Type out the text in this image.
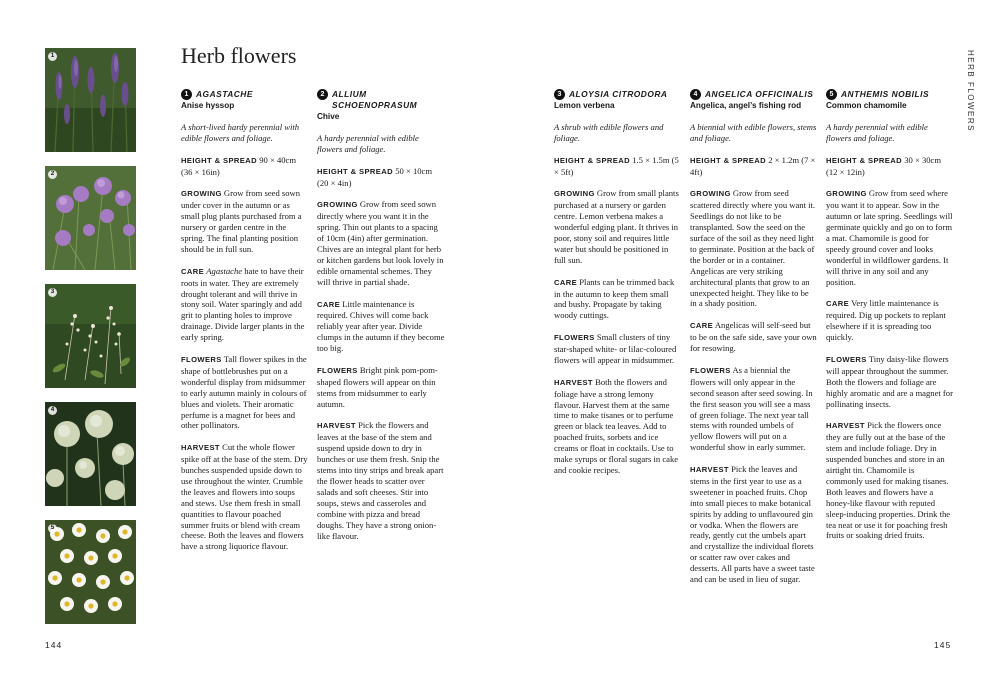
1
2
3
4
5
Herb flowers	HERB FLOWERS
144	145
1 AGASTACHE

Anise hyssop

A short-lived hardy perennial with edible flowers and foliage.

HEIGHT & SPREAD 90 × 40cm (36 × 16in)

GROWING Grow from seed sown under cover in the autumn or as small plug plants purchased from a nursery or garden centre in the spring. The final planting position should be in full sun.

CARE Agastache hate to have their roots in water. They are extremely drought tolerant and will thrive in stony soil. Water sparingly and add grit to planting holes to improve drainage. Divide larger plants in the early spring.

FLOWERS Tall flower spikes in the shape of bottlebrushes put on a wonderful display from midsummer to early autumn mainly in colours of blues and violets. Their aromatic perfume is a magnet for bees and other pollinators.

HARVEST Cut the whole flower spike off at the base of the stem. Dry bunches suspended upside down to use throughout the winter. Crumble the leaves and flowers into soups and stews. Use them fresh in small quantities to flavour poached summer fruits or blend with cream cheese. Both the leaves and flowers have a strong liquorice flavour.

2 ALLIUM SCHOENOPRASUM

Chive

A hardy perennial with edible flowers and foliage.

HEIGHT & SPREAD 50 × 10cm (20 × 4in)

GROWING Grow from seed sown directly where you want it in the spring. Thin out plants to a spacing of 10cm (4in) after germination. Chives are an integral plant for herb or kitchen gardens but look lovely in edible ornamental schemes. They will thrive in partial shade.

CARE Little maintenance is required. Chives will come back reliably year after year. Divide clumps in the autumn if they become too big.

FLOWERS Bright pink pom-pom-shaped flowers will appear on thin stems from midsummer to early autumn.

HARVEST Pick the flowers and leaves at the base of the stem and suspend upside down to dry in bunches or use them fresh. Snip the stems into tiny strips and break apart the flower heads to scatter over salads and soft cheeses. Stir into soups, stews and casseroles and combine with pizza and bread doughs. They have a strong onion-like flavour.

3 ALOYSIA CITRODORA

Lemon verbena

A shrub with edible flowers and foliage.

HEIGHT & SPREAD 1.5 × 1.5m (5 × 5ft)

GROWING Grow from small plants purchased at a nursery or garden centre. Lemon verbena makes a wonderful edging plant. It thrives in poor, stony soil and requires little water but should be positioned in full sun.

CARE Plants can be trimmed back in the autumn to keep them small and bushy. Propagate by taking woody cuttings.

FLOWERS Small clusters of tiny star-shaped white- or lilac-coloured flowers will appear in midsummer.

HARVEST Both the flowers and foliage have a strong lemony flavour. Harvest them at the same time to make tisanes or to perfume green or black tea leaves. Add to poached fruits, sorbets and ice creams or float in cocktails. Use to make syrups or floral sugars in cake and cookie recipes.

4 ANGELICA OFFICINALIS

Angelica, angel’s fishing rod

A biennial with edible flowers, stems and foliage.

HEIGHT & SPREAD 2 × 1.2m (7 × 4ft)

GROWING Grow from seed scattered directly where you want it. Seedlings do not like to be transplanted. Sow the seed on the surface of the soil as they need light to germinate. Position at the back of the border or in a container. Angelicas are very striking architectural plants that grow to an unexpected height. They like to be in a shady position.

CARE Angelicas will self-seed but to be on the safe side, save your own for resowing.

FLOWERS As a biennial the flowers will only appear in the second season after seed sowing. In the first season you will see a mass of green foliage. The next year tall stems with rounded umbels of yellow flowers will put on a wonderful show in early summer.

HARVEST Pick the leaves and stems in the first year to use as a sweetener in poached fruits. Chop into small pieces to make botanical spirits by adding to unflavoured gin or vodka. When the flowers are ready, gently cut the umbels apart and crystallize the individual florets or scatter raw over cakes and desserts. All parts have a sweet taste and can be used in lieu of sugar.

5 ANTHEMIS NOBILIS

Common chamomile

A hardy perennial with edible flowers and foliage.

HEIGHT & SPREAD 30 × 30cm (12 × 12in)

GROWING Grow from seed where you want it to appear. Sow in the autumn or late spring. Seedlings will germinate quickly and go on to form a mat. Chamomile is good for speedy ground cover and looks wonderful in wildflower gardens. It will thrive in any soil and any position.

CARE Very little maintenance is required. Dig up pockets to replant elsewhere if it is spreading too quickly.

FLOWERS Tiny daisy-like flowers will appear throughout the summer. Both the flowers and foliage are highly aromatic and are a magnet for pollinating insects.

HARVEST Pick the flowers once they are fully out at the base of the stem and include foliage. Dry in suspended bunches and store in an airtight tin. Chamomile is commonly used for making tisanes. Both leaves and flowers have a honey-like flavour with reputed sleep-inducing properties. Drink the tea neat or use it for poaching fresh fruits or soaking dried fruits.
